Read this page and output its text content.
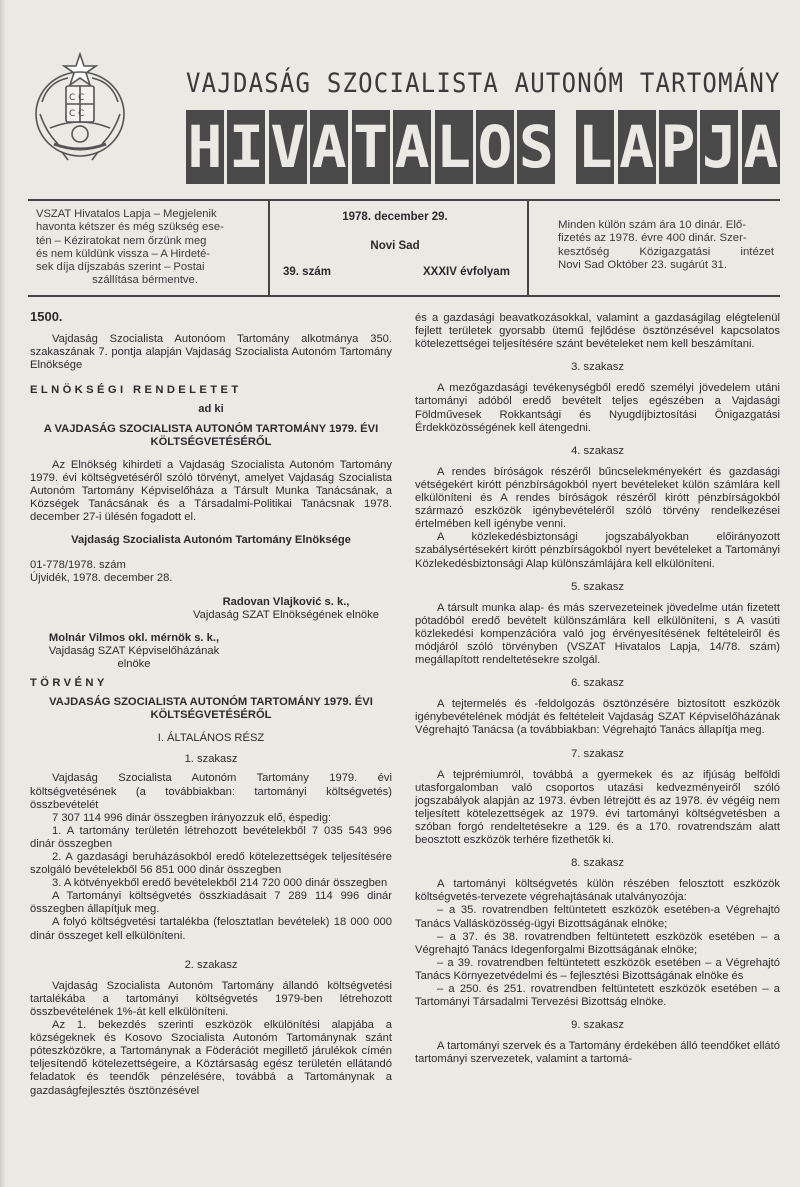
C C
C C
VAJDASÁG SZOCIALISTA AUTONÓM TARTOMÁNY
H I V A T A L O S L A P J A
VSZAT Hivatalos Lapja – Megjelenik
havonta kétszer és még szükség ese-
tén – Kéziratokat nem őrzünk meg
és nem küldünk vissza – A Hirdeté-
sek díja díjszabás szerint – Postai
szállítása bérmentve.
1978. december 29.
Novi Sad
39. szám	XXXIV évfolyam
Minden külön szám ára 10 dinár. Elő-
fizetés az 1978. évre 400 dinár. Szer-
kesztőség Közigazgatási intézet
Novi Sad Október 23. sugárút 31.

1500.

Vajdaság Szocialista Autonóom Tartomány alkotmánya 350. szakaszának 7. pontja alapján Vajdaság Szocialista Autonóm Tartomány Elnöksége

ELNÖKSÉGI RENDELETET

ad ki

A VAJDASÁG SZOCIALISTA AUTONÓM TARTOMÁNY 1979. ÉVI KÖLTSÉGVETÉSÉRŐL

Az Elnökség kihirdeti a Vajdaság Szocialista Autonóm Tartomány 1979. évi költségvetéséről szóló törvényt, amelyet Vajdaság Szocialista Autonóm Tartomány Képviselőháza a Társult Munka Tanácsának, a Községek Tanácsának és a Társadalmi-Politikai Tanácsnak 1978. december 27-i ülésén fogadott el.

Vajdaság Szocialista Autonóm Tartomány Elnöksége

01-778/1978. szám

Újvidék, 1978. december 28.

Radovan Vlajković s. k.,

Vajdaság SZAT Elnökségének elnöke

Molnár Vilmos okl. mérnök s. k.,

Vajdaság SZAT Képviselőházának

elnöke

TÖRVÉNY

VAJDASÁG SZOCIALISTA AUTONÓM TARTOMÁNY 1979. ÉVI KÖLTSÉGVETÉSÉRŐL

I. ÁLTALÁNOS RÉSZ

1. szakasz

Vajdaság Szocialista Autonóm Tartomány 1979. évi költségvetésének (a továbbiakban: tartományi költségvetés) összbevételét

7 307 114 996 dinár összegben irányozzuk elő, éspedig:

1. A tartomány területén létrehozott bevételekből 7 035 543 996 dinár összegben

2. A gazdasági beruházásokból eredő kötelezettségek teljesítésére szolgáló bevételekből 56 851 000 dinár összegben

3. A kötvényekből eredő bevételekből 214 720 000 dinár összegben

A Tartományi költségvetés összkiadásait 7 289 114 996 dinár összegben állapítjuk meg.

A folyó költségvetési tartalékba (felosztatlan bevételek) 18 000 000 dinár összeget kell elkülöníteni.

2. szakasz

Vajdaság Szocialista Autonóm Tartomány állandó költségvetési tartalékába a tartományi költségvetés 1979-ben létrehozott összbevételének 1%-át kell elkülöníteni.

Az 1. bekezdés szerinti eszközök elkülönítési alapjába a községeknek és Kosovo Szocialista Autonóm Tartománynak szánt póteszközökre, a Tartománynak a Föderációt megillető járulékok címén teljesítendő kötelezettségeire, a Köztársaság egész területén ellátandó feladatok és teendők pénzelésére, továbbá a Tartománynak a gazdaságfejlesztés ösztönzésével

és a gazdasági beavatkozásokkal, valamint a gazdaságilag elégtelenül fejlett területek gyorsabb ütemű fejlődése ösztönzésével kapcsolatos kötelezettségei teljesítésére szánt bevételeket nem kell beszámítani.

3. szakasz

A mezőgazdasági tevékenységből eredő személyi jövedelem utáni tartományi adóból eredő bevételt teljes egészében a Vajdasági Földművesek Rokkantsági és Nyugdíjbiztosítási Önigazgatási Érdekközösségének kell átengedni.

4. szakasz

A rendes bíróságok részéről bűncselekményekért és gazdasági vétségekért kirótt pénzbírságokból nyert bevételeket külön számlára kell elkülöníteni és A rendes bíróságok részéről kirótt pénzbírságokból származó eszközök igénybevételéről szóló törvény rendelkezései értelmében kell igénybe venni.

A közlekedésbiztonsági jogszabályokban előirányozott szabálysértésekért kirótt pénzbírságokból nyert bevételeket a Tartományi Közlekedésbiztonsági Alap különszámlájára kell elkülöníteni.

5. szakasz

A társult munka alap- és más szervezeteinek jövedelme után fizetett pótadóból eredő bevételt különszámlára kell elkülöníteni, s A vasúti közlekedési kompenzációra való jog érvényesítésének feltételeiről és módjáról szóló törvényben (VSZAT Hivatalos Lapja, 14/78. szám) megállapított rendeltetésekre szolgál.

6. szakasz

A tejtermelés és -feldolgozás ösztönzésére biztosított eszközök igénybevételének módját és feltételeit Vajdaság SZAT Képviselőházának Végrehajtó Tanácsa (a továbbiakban: Végrehajtó Tanács állapítja meg.

7. szakasz

A tejprémiumról, továbbá a gyermekek és az ifjúság belföldi utasforgalomban való csoportos utazási kedvezményeiről szóló jogszabályok alapján az 1973. évben létrejött és az 1978. év végéig nem teljesített kötelezettségek az 1979. évi tartományi költségvetésben a szóban forgó rendeltetésekre a 129. és a 170. rovatrendszám alatt beosztott eszközök terhére fizethetők ki.

8. szakasz

A tartományi költségvetés külön részében felosztott eszközök költségvetés-tervezete végrehajtásának utalványozója:

– a 35. rovatrendben feltüntetett eszközök esetében-a Végrehajtó Tanács Vallásközösség-ügyi Bizottságának elnöke;

– a 37. és 38. rovatrendben feltüntetett eszközök esetében – a Végrehajtó Tanács Idegenforgalmi Bizottságának elnöke;

– a 39. rovatrendben feltüntetett eszközök esetében – a Végrehajtó Tanács Környezetvédelmi és – fejlesztési Bizottságának elnöke és

– a 250. és 251. rovatrendben feltüntetett eszközök esetében – a Tartományi Társadalmi Tervezési Bizottság elnöke.

9. szakasz

A tartományi szervek és a Tartomány érdekében álló teendőket ellátó tartományi szervezetek, valamint a tartomá-
